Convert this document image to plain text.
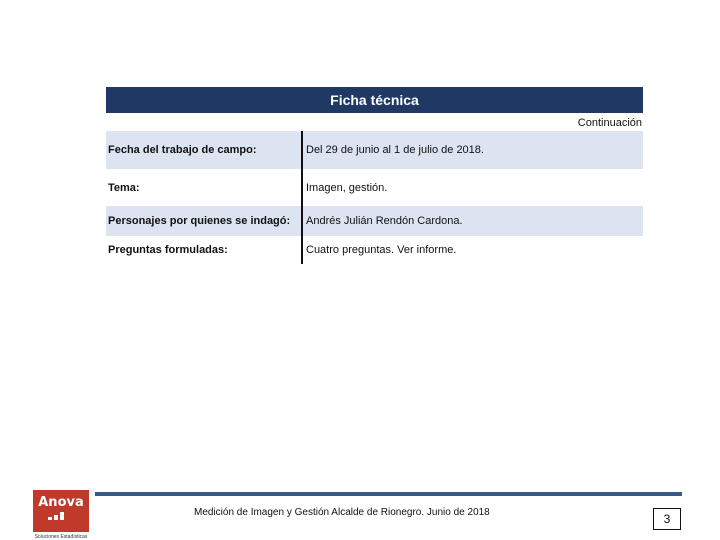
Ficha técnica
Continuación
Fecha del trabajo de campo:	Del 29 de junio al 1 de julio de 2018.
Tema:	Imagen, gestión.
Personajes por quienes se indagó:	Andrés Julián Rendón Cardona.
Preguntas formuladas:	Cuatro preguntas. Ver informe.
Anova
Soluciones Estadísticas
Medición de Imagen y Gestión Alcalde de Rionegro. Junio de 2018	3
